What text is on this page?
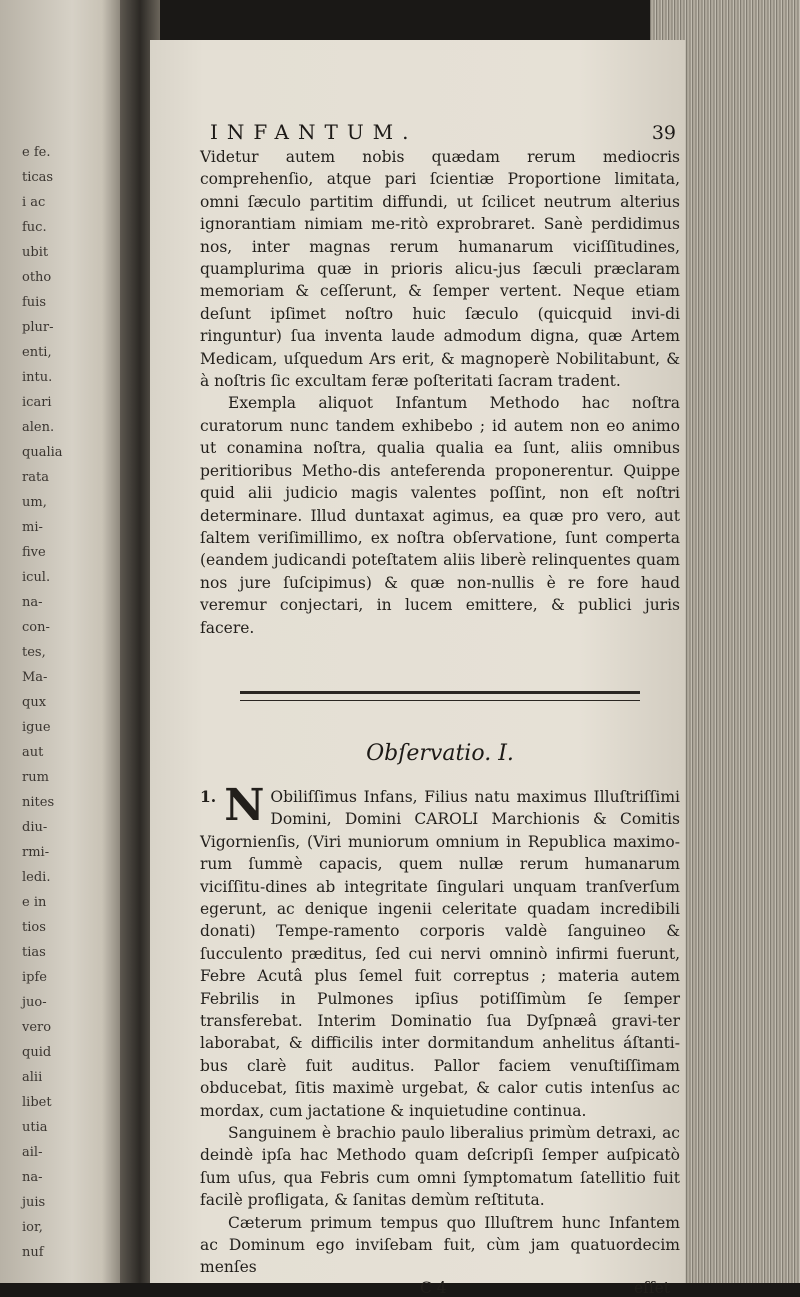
e fe.
ticas
i ac
fuc.
ubit
otho
fuis
plur-
enti,
intu.
icari
alen.
qualia
rata
um,
mi-
five
icul.
na-
con-
tes,
Ma-
qux
igue
aut
rum
nites
diu-
rmi-
ledi.
e in
tios
tias
ipfe
juo-
vero
quid
alii
libet
utia
ail-
na-
juis
ior,
nuf
INFANTUM.	39

Videtur autem nobis quædam rerum mediocris comprehenſio, atque pari ſcientiæ Proportione limitata, omni ſæculo partitim diffundi, ut ſcilicet neutrum alterius ignorantiam nimiam me-ritò exprobraret. Sanè perdidimus nos, inter magnas rerum humanarum viciſſitudines, quamplurima quæ in prioris alicu-jus ſæculi præclaram memoriam & ceſſerunt, & ſemper vertent. Neque etiam deſunt ipſimet noſtro huic ſæculo (quicquid invi-di ringuntur) ſua inventa laude admodum digna, quæ Artem Medicam, uſquedum Ars erit, & magnoperè Nobilitabunt, & à noſtris ſic excultam feræ poſteritati ſacram tradent.

Exempla aliquot Infantum Methodo hac noſtra curatorum nunc tandem exhibebo ; id autem non eo animo ut conamina noſtra, qualia qualia ea ſunt, aliis omnibus peritioribus Metho-dis anteferenda proponerentur. Quippe quid alii judicio magis valentes poſſint, non eſt noſtri determinare. Illud duntaxat agimus, ea quæ pro vero, aut ſaltem veriſimillimo, ex noſtra obſervatione, ſunt comperta (eandem judicandi poteſtatem aliis liberè relinquentes quam nos jure ſuſcipimus) & quæ non-nullis è re fore haud veremur conjectari, in lucem emittere, & publici juris facere.

Obſervatio. I.
1. N Obiliſſimus Infans, Filius natu maximus Illuſtriſſimi Domini, Domini CAROLI Marchionis & Comitis Vigornienſis, (Viri muniorum omnium in Republica maximo-rum ſummè capacis, quem nullæ rerum humanarum viciſſitu-dines ab integritate ſingulari unquam tranſverſum egerunt, ac denique ingenii celeritate quadam incredibili donati) Tempe-ramento corporis valdè ſanguineo & ſucculento præditus, ſed cui nervi omninò infirmi fuerunt, Febre Acutâ plus ſemel fuit correptus ; materia autem Febrilis in Pulmones ipſius potiſſimùm ſe ſemper transferebat. Interim Dominatio ſua Dyſpnæâ gravi-ter laborabat, & difficilis inter dormitandum anhelitus áſtanti-bus clarè fuit auditus. Pallor faciem venuſtiſſimam obducebat, ſitis maximè urgebat, & calor cutis intenſus ac mordax, cum jactatione & inquietudine continua.

Sanguinem è brachio paulo liberalius primùm detraxi, ac deindè ipſa hac Methodo quam deſcripſi ſemper auſpicatò ſum uſus, qua Febris cum omni ſymptomatum ſatellitio fuit facilè profligata, & ſanitas demùm reſtituta.

Cæterum primum tempus quo Illuſtrem hunc Infantem ac Dominum ego inviſebam fuit, cùm jam quatuordecim menſes

C 4	eſſet
